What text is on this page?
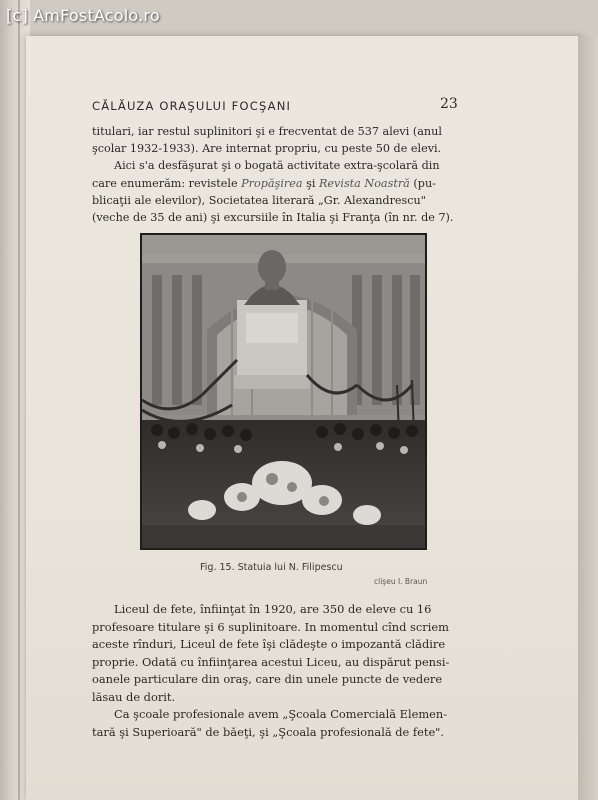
[c] AmFostAcolo.ro
CĂLĂUZA ORAŞULUI FOCŞANI	23
titulari, iar restul suplinitori şi e frecventat de 537 alevi (anul
şcolar 1932-1933). Are internat propriu, cu peste 50 de elevi.
Aici s'a desfăşurat şi o bogată activitate extra-şcolară din
care enumerăm: revistele Propăşirea şi Revista Noastră (pu-
blicaţii ale elevilor), Societatea literară „Gr. Alexandrescu"
(veche de 35 de ani) şi excursiile în Italia şi Franţa (în nr. de 7).
Fig. 15. Statuia lui N. Filipescu
clişeu I. Braun
Liceul de fete, înfiinţat în 1920, are 350 de eleve cu 16
profesoare titulare şi 6 suplinitoare. In momentul cînd scriem
aceste rînduri, Liceul de fete îşi clădeşte o impozantă clădire
proprie. Odată cu înfiinţarea acestui Liceu, au dispărut pensi-
oanele particulare din oraş, care din unele puncte de vedere
lăsau de dorit.
Ca şcoale profesionale avem „Şcoala Comercială Elemen-
tară şi Superioară" de băeţi, şi „Şcoala profesională de fete".
